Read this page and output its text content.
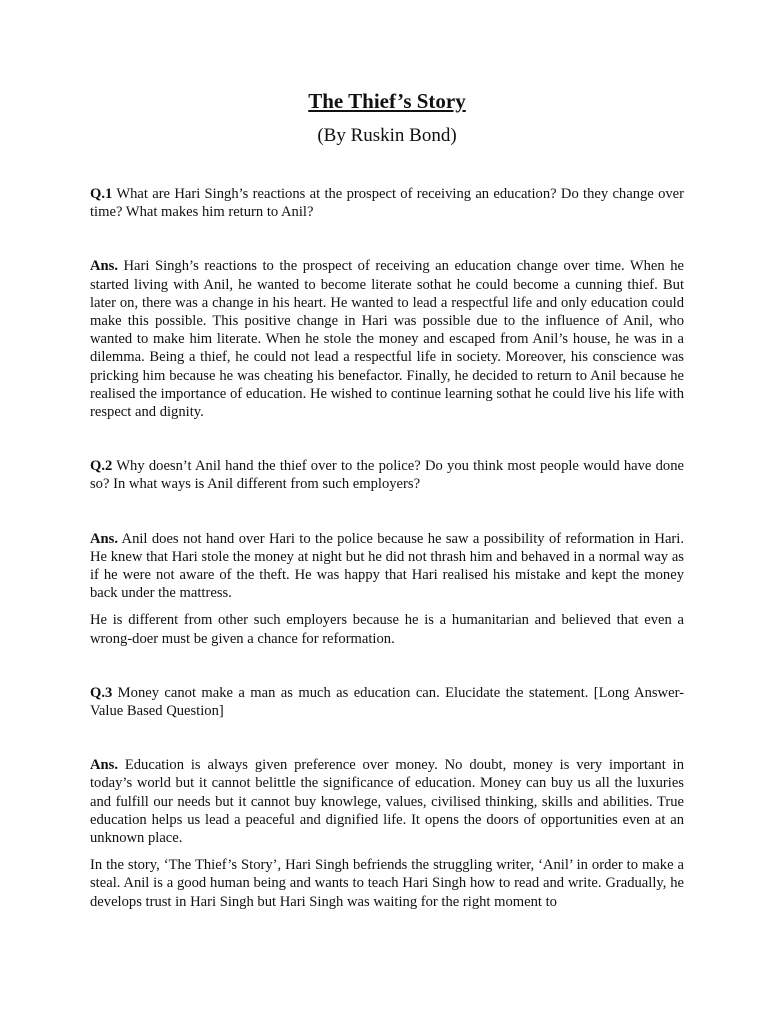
The Thief’s Story
(By Ruskin Bond)

Q.1 What are Hari Singh’s reactions at the prospect of receiving an education? Do they change over time? What makes him return to Anil?

Ans. Hari Singh’s reactions to the prospect of receiving an education change over time. When he started living with Anil, he wanted to become literate sothat he could become a cunning thief. But later on, there was a change in his heart. He wanted to lead a respectful life and only education could make this possible. This positive change in Hari was possible due to the influence of Anil, who wanted to make him literate. When he stole the money and escaped from Anil’s house, he was in a dilemma. Being a thief, he could not lead a respectful life in society. Moreover, his conscience was pricking him because he was cheating his benefactor. Finally, he decided to return to Anil because he realised the importance of education. He wished to continue learning sothat he could live his life with respect and dignity.

Q.2 Why doesn’t Anil hand the thief over to the police? Do you think most people would have done so? In what ways is Anil different from such employers?

Ans. Anil does not hand over Hari to the police because he saw a possibility of reformation in Hari. He knew that Hari stole the money at night but he did not thrash him and behaved in a normal way as if he were not aware of the theft. He was happy that Hari realised his mistake and kept the money back under the mattress.

He is different from other such employers because he is a humanitarian and believed that even a wrong-doer must be given a chance for reformation.

Q.3 Money canot make a man as much as education can. Elucidate the statement. [Long Answer-Value Based Question]

Ans. Education is always given preference over money. No doubt, money is very important in today’s world but it cannot belittle the significance of education. Money can buy us all the luxuries and fulfill our needs but it cannot buy knowlege, values, civilised thinking, skills and abilities. True education helps us lead a peaceful and dignified life. It opens the doors of opportunities even at an unknown place.

In the story, ‘The Thief’s Story’, Hari Singh befriends the struggling writer, ‘Anil’ in order to make a steal. Anil is a good human being and wants to teach Hari Singh how to read and write. Gradually, he develops trust in Hari Singh but Hari Singh was waiting for the right moment to
